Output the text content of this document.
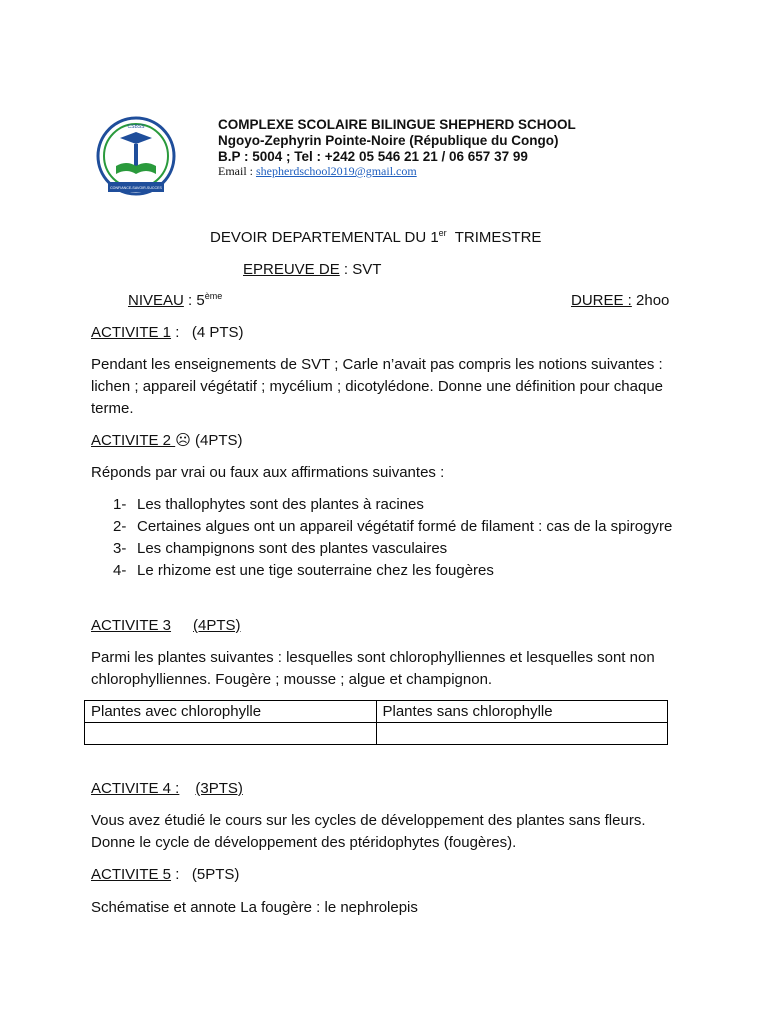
CSBSS
CONFIANCE-SAVOIR-SUCCES
COMPLEXE SCOLAIRE BILINGUE SHEPHERD SCHOOL
Ngoyo-Zephyrin Pointe-Noire (République du Congo)
B.P : 5004 ; Tel : +242 05 546 21 21 / 06 657 37 99
Email : shepherdschool2019@gmail.com
DEVOIR DEPARTEMENTAL DU 1er  TRIMESTRE
EPREUVE DE : SVT
NIVEAU : 5ème	DUREE : 2hoo
ACTIVITE 1 :   (4 PTS)
Pendant les enseignements de SVT ; Carle n’avait pas compris les notions suivantes : lichen ; appareil végétatif ; mycélium ; dicotylédone. Donne une définition pour chaque terme.
ACTIVITE 2 ☹ (4PTS)
Réponds par vrai ou faux aux affirmations suivantes :
1- Les thallophytes sont des plantes à racines
2- Certaines algues ont un appareil végétatif formé de filament : cas de la spirogyre
3- Les champignons sont des plantes vasculaires
4- Le rhizome est une tige souterraine chez les fougères
ACTIVITE 3 (4PTS)
Parmi les plantes suivantes : lesquelles sont chlorophylliennes et lesquelles sont non chlorophylliennes. Fougère ; mousse ; algue et champignon.
Plantes avec chlorophylle	Plantes sans chlorophylle

ACTIVITE 4 : (3PTS)
Vous avez étudié le cours sur les cycles de développement des plantes sans fleurs. Donne le cycle de développement des ptéridophytes (fougères).
ACTIVITE 5 :   (5PTS)
Schématise et annote La fougère : le nephrolepis
